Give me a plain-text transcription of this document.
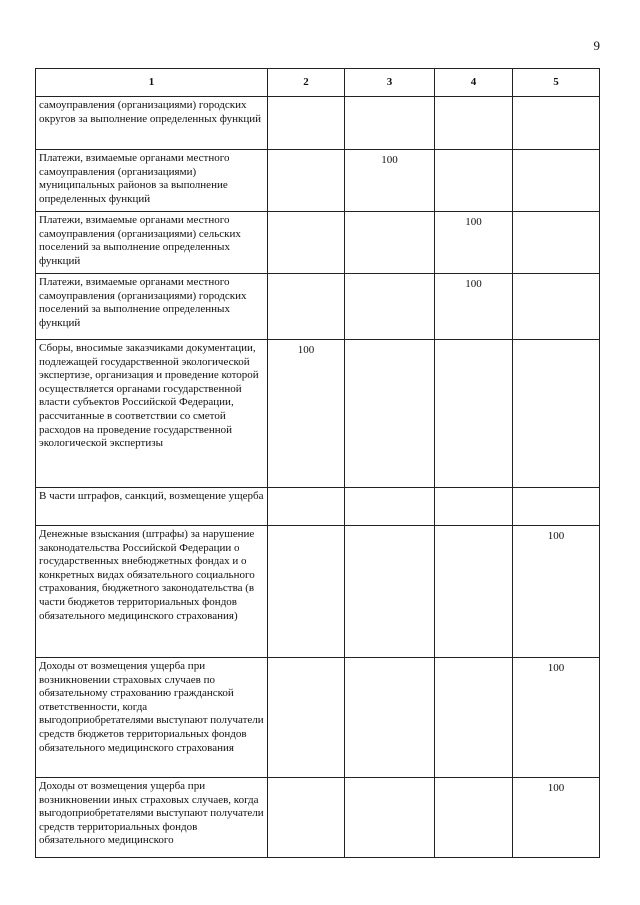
9
1	2	3	4	5
самоуправления (организациями) городских округов за выполнение определенных функций				
Платежи, взимаемые органами местного самоуправления (организациями) муниципальных районов за выполнение определенных функций		100		
Платежи, взимаемые органами местного самоуправления (организациями) сельских поселений за выполнение определенных функций			100	
Платежи, взимаемые органами местного самоуправления (организациями) городских поселений за выполнение определенных функций			100	
Сборы, вносимые заказчиками документации, подлежащей государственной экологической экспертизе, организация и проведение которой осуществляется органами государственной власти субъектов Российской Федерации, рассчитанные в соответствии со сметой расходов на проведение государственной экологической экспертизы	100			
В части штрафов, санкций, возмещение ущерба				
Денежные взыскания (штрафы) за нарушение законодательства Российской Федерации о государственных внебюджетных фондах и о конкретных видах обязательного социального страхования, бюджетного законодательства (в части бюджетов территориальных фондов обязательного медицинского страхования)				100
Доходы от возмещения ущерба при возникновении страховых случаев по обязательному страхованию гражданской ответственности, когда выгодоприобретателями выступают получатели средств бюджетов территориальных фондов обязательного медицинского страхования				100
Доходы от возмещения ущерба при возникновении иных страховых случаев, когда выгодоприобретателями выступают получатели средств территориальных фондов обязательного медицинского				100
